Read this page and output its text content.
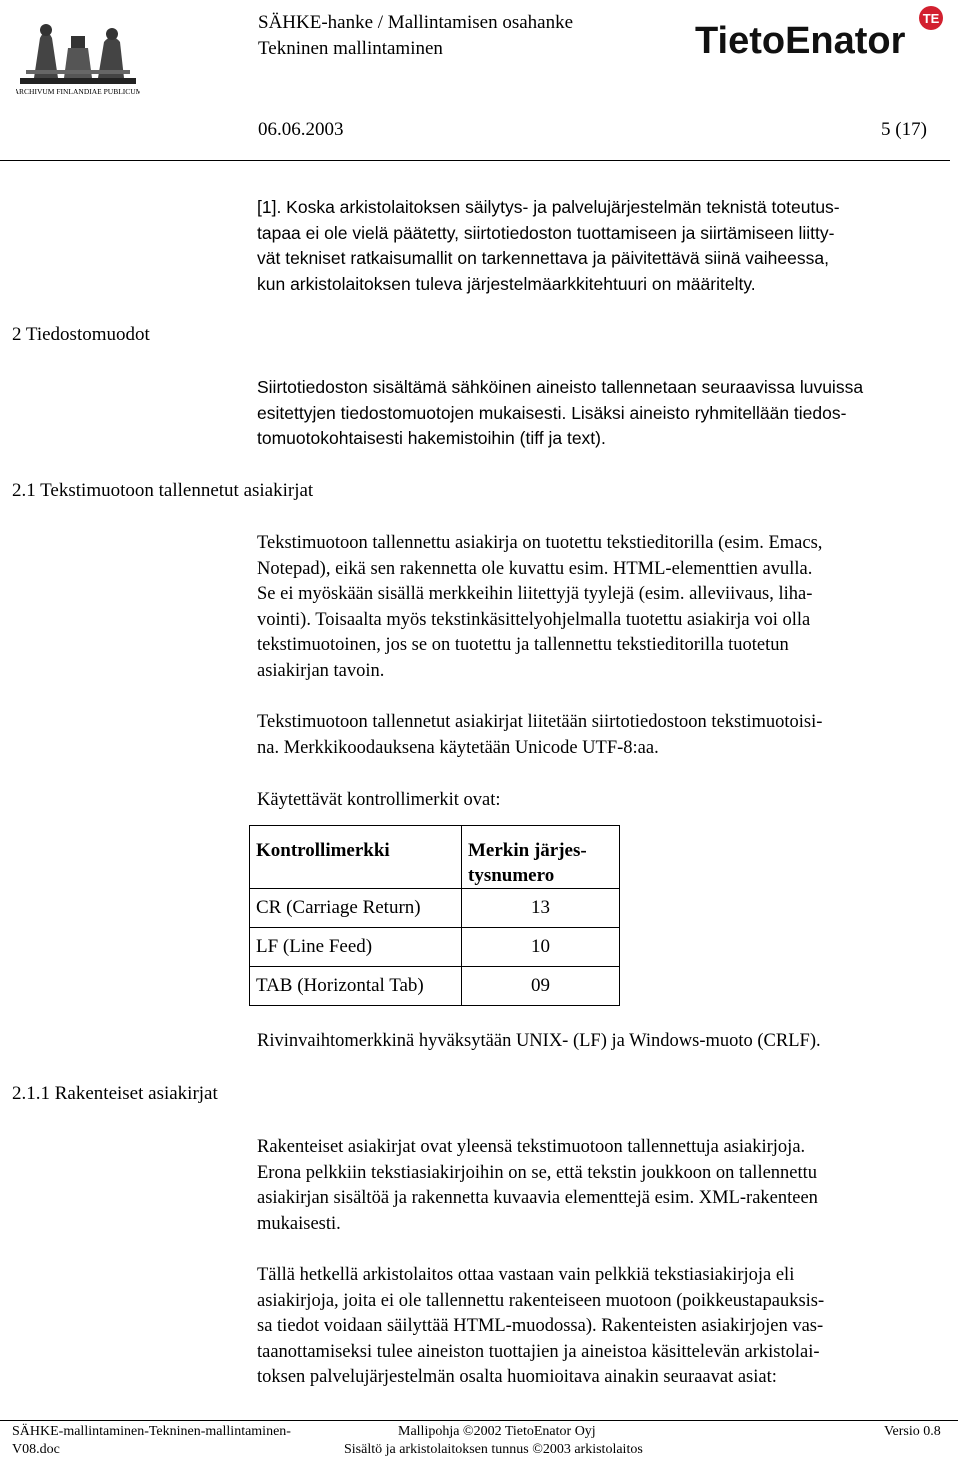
ARCHIVUM FINLANDIAE PUBLICUM
SÄHKE-hanke / Mallintamisen osahanke
Tekninen mallintaminen	TietoEnator
TE
06.06.2003	5 (17)
2 Tiedostomuodot
2.1 Tekstimuotoon tallennetut asiakirjat
2.1.1 Rakenteiset asiakirjat
[1]. Koska arkistolaitoksen säilytys- ja palvelujärjestelmän teknistä toteutus-
tapaa ei ole vielä päätetty, siirtotiedoston tuottamiseen ja siirtämiseen liitty-
vät tekniset ratkaisumallit on tarkennettava ja päivitettävä siinä vaiheessa,
kun arkistolaitoksen tuleva järjestelmäarkkitehtuuri on määritelty.
Siirtotiedoston sisältämä sähköinen aineisto tallennetaan seuraavissa luvuissa
esitettyjen tiedostomuotojen mukaisesti. Lisäksi aineisto ryhmitellään tiedos-
tomuotokohtaisesti hakemistoihin (tiff ja text).
Tekstimuotoon tallennettu asiakirja on tuotettu tekstieditorilla (esim. Emacs,
Notepad), eikä sen rakennetta ole kuvattu esim. HTML-elementtien avulla.
Se ei myöskään sisällä merkkeihin liitettyjä tyylejä (esim. alleviivaus, liha-
vointi). Toisaalta myös tekstinkäsittelyohjelmalla tuotettu asiakirja voi olla
tekstimuotoinen, jos se on tuotettu ja tallennettu tekstieditorilla tuotetun
asiakirjan tavoin.
Tekstimuotoon tallennetut asiakirjat liitetään siirtotiedostoon tekstimuotoisi-
na. Merkkikoodauksena käytetään Unicode UTF-8:aa.
Käytettävät kontrollimerkit ovat:
Kontrollimerkki	Merkin järjes-
tysnumero

CR (Carriage Return)	13
LF (Line Feed)	10
TAB (Horizontal Tab)	09
Rivinvaihtomerkkinä hyväksytään UNIX- (LF) ja Windows-muoto (CRLF).
Rakenteiset asiakirjat ovat yleensä tekstimuotoon tallennettuja asiakirjoja.
Erona pelkkiin tekstiasiakirjoihin on se, että tekstin joukkoon on tallennettu
asiakirjan sisältöä ja rakennetta kuvaavia elementtejä esim. XML-rakenteen
mukaisesti.
Tällä hetkellä arkistolaitos ottaa vastaan vain pelkkiä tekstiasiakirjoja eli
asiakirjoja, joita ei ole tallennettu rakenteiseen muotoon (poikkeustapauksis-
sa tiedot voidaan säilyttää HTML-muodossa). Rakenteisten asiakirjojen vas-
taanottamiseksi tulee aineiston tuottajien ja aineistoa käsittelevän arkistolai-
toksen palvelujärjestelmän osalta huomioitava ainakin seuraavat asiat:
SÄHKE-mallintaminen-Tekninen-mallintaminen-
V08.doc
Mallipohja ©2002 TietoEnator Oyj
Sisältö ja arkistolaitoksen tunnus ©2003 arkistolaitos
Versio 0.8
